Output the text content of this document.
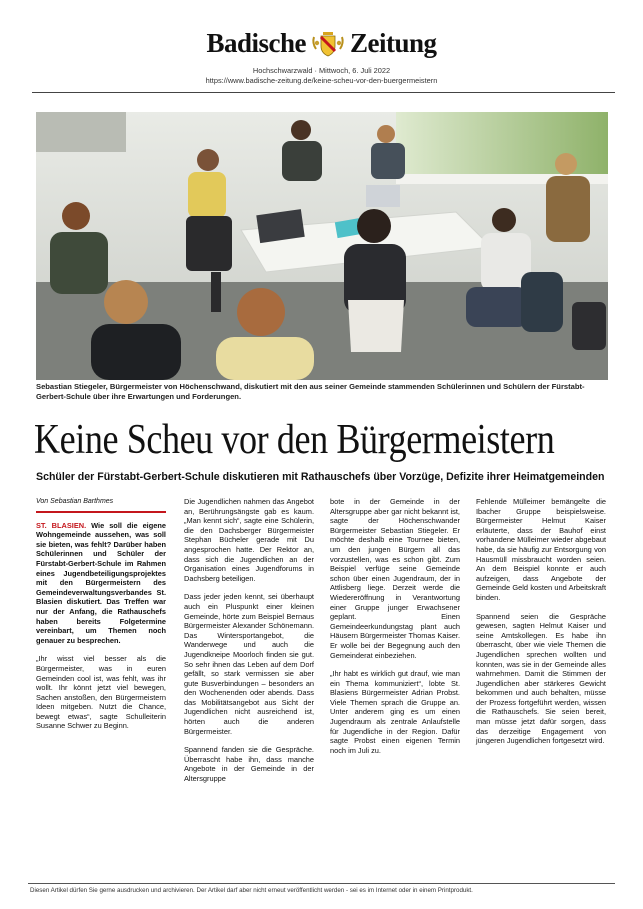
Badische Zeitung
Hochschwarzwald · Mittwoch, 6. Juli 2022
https://www.badische-zeitung.de/keine-scheu-vor-den-buergermeistern
Sebastian Stiegeler, Bürgermeister von Höchenschwand, diskutiert mit den aus seiner Gemeinde stammenden Schülerinnen und Schülern der Fürstabt-Gerbert-Schule über ihre Erwartungen und Forderungen.
Keine Scheu vor den Bürgermeistern
Schüler der Fürstabt-Gerbert-Schule diskutieren mit Rathauschefs über Vorzüge, Defizite ihrer Heimatgemeinden
Von Sebastian Barthmes

ST. BLASIEN. Wie soll die eigene Wohngemeinde aussehen, was soll sie bieten, was fehlt? Darüber haben Schülerinnen und Schüler der Fürstabt-Gerbert-Schule im Rahmen eines Jugendbeteiligungsprojektes mit den Bürgermeistern des Gemeindeverwaltungsverbandes St. Blasien diskutiert. Das Treffen war nur der Anfang, die Rathauschefs haben bereits Folgetermine vereinbart, um Themen noch genauer zu besprechen.

„Ihr wisst viel besser als die Bürgermeister, was in euren Gemeinden cool ist, was fehlt, was ihr wollt. Ihr könnt jetzt viel bewegen, Sachen anstoßen, den Bürgermeistern Ideen mitgeben. Nutzt die Chance, bewegt etwas“, sagte Schulleiterin Susanne Schwer zu Beginn.

Die Jugendlichen nahmen das Angebot an, Berührungsängste gab es kaum. „Man kennt sich“, sagte eine Schülerin, die den Dachsberger Bürgermeister Stephan Bücheler gerade mit Du angesprochen hatte. Der Rektor an, dass sich die Jugendlichen an der Organisation eines Jugendforums in Dachsberg beteiligen.

Dass jeder jeden kennt, sei überhaupt auch ein Pluspunkt einer kleinen Gemeinde, hörte zum Beispiel Bernaus Bürgermeister Alexander Schönemann. Das Wintersportangebot, die Wanderwege und auch die Jugendkneipe Moorloch finden sie gut. So sehr ihnen das Leben auf dem Dorf gefällt, so stark vermissen sie aber gute Busverbindungen – besonders an den Wochenenden oder abends. Dass das Mobilitätsangebot aus Sicht der Jugendlichen nicht ausreichend ist, hörten auch die anderen Bürgermeister.

Spannend fanden sie die Gespräche. Überrascht habe ihn, dass manche Angebote in der Gemeinde in der Altersgruppe

bote in der Gemeinde in der Altersgruppe aber gar nicht bekannt ist, sagte der Höchenschwander Bürgermeister Sebastian Stiegeler. Er möchte deshalb eine Tournee bieten, um den jungen Bürgern all das vorzustellen, was es schon gibt. Zum Beispiel verfüge seine Gemeinde schon über einen Jugendraum, der in Attlisberg liege. Derzeit werde die Wiedereröffnung in Verantwortung einer Gruppe junger Erwachsener geplant. Einen Gemeindeerkundungstag plant auch Häusern Bürgermeister Thomas Kaiser. Er wolle bei der Begegnung auch den Gemeinderat einbeziehen.

„Ihr habt es wirklich gut drauf, wie man ein Thema kommuniziert“, lobte St. Blasiens Bürgermeister Adrian Probst. Viele Themen sprach die Gruppe an. Unter anderem ging es um einen Jugendraum als zentrale Anlaufstelle für Jugendliche in der Region. Dafür sagte Probst einen eigenen Termin noch im Juli zu.

Fehlende Mülleimer bemängelte die Ibacher Gruppe beispielsweise. Bürgermeister Helmut Kaiser erläuterte, dass der Bauhof einst vorhandene Mülleimer wieder abgebaut habe, da sie häufig zur Entsorgung von Hausmüll missbraucht worden seien. An dem Beispiel konnte er auch aufzeigen, dass Angebote der Gemeinde Geld kosten und Arbeitskraft binden.

Spannend seien die Gespräche gewesen, sagten Helmut Kaiser und seine Amtskollegen. Es habe ihn überrascht, über wie viele Themen die Jugendlichen sprechen wollten und konnten, was sie in der Gemeinde alles wahrnehmen. Damit die Stimmen der Jugendlichen aber stärkeres Gewicht bekommen und auch behalten, müsse der Prozess fortgeführt werden, wissen die Rathauschefs. Sie seien bereit, man müsse jetzt dafür sorgen, dass das derzeitige Engagement von jüngeren Jugendlichen fortgesetzt wird.

Diesen Artikel dürfen Sie gerne ausdrucken und archivieren. Der Artikel darf aber nicht erneut veröffentlicht werden - sei es im Internet oder in einem Printprodukt.
